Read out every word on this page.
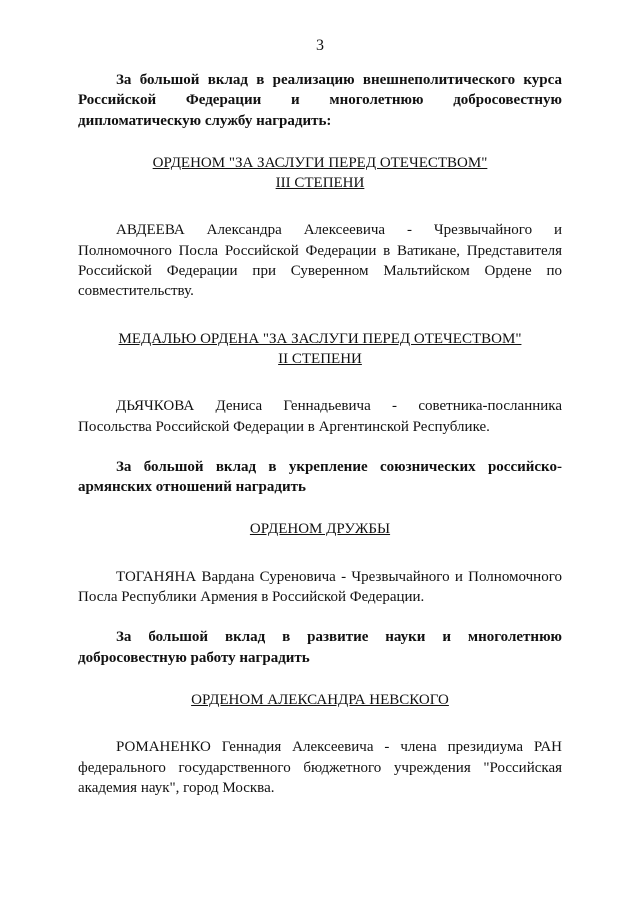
3

За большой вклад в реализацию внешнеполитического курса Российской Федерации и многолетнюю добросовестную дипломатическую службу наградить:

ОРДЕНОМ "ЗА ЗАСЛУГИ ПЕРЕД ОТЕЧЕСТВОМ"

III СТЕПЕНИ

АВДЕЕВА Александра Алексеевича - Чрезвычайного и Полномочного Посла Российской Федерации в Ватикане, Представителя Российской Федерации при Суверенном Мальтийском Ордене по совместительству.

МЕДАЛЬЮ ОРДЕНА "ЗА ЗАСЛУГИ ПЕРЕД ОТЕЧЕСТВОМ"

II СТЕПЕНИ

ДЬЯЧКОВА Дениса Геннадьевича - советника-посланника Посольства Российской Федерации в Аргентинской Республике.

За большой вклад в укрепление союзнических российско-армянских отношений наградить

ОРДЕНОМ ДРУЖБЫ

ТОГАНЯНА Вардана Суреновича - Чрезвычайного и Полномочного Посла Республики Армения в Российской Федерации.

За большой вклад в развитие науки и многолетнюю добросовестную работу наградить

ОРДЕНОМ АЛЕКСАНДРА НЕВСКОГО

РОМАНЕНКО Геннадия Алексеевича - члена президиума РАН федерального государственного бюджетного учреждения "Российская академия наук", город Москва.
